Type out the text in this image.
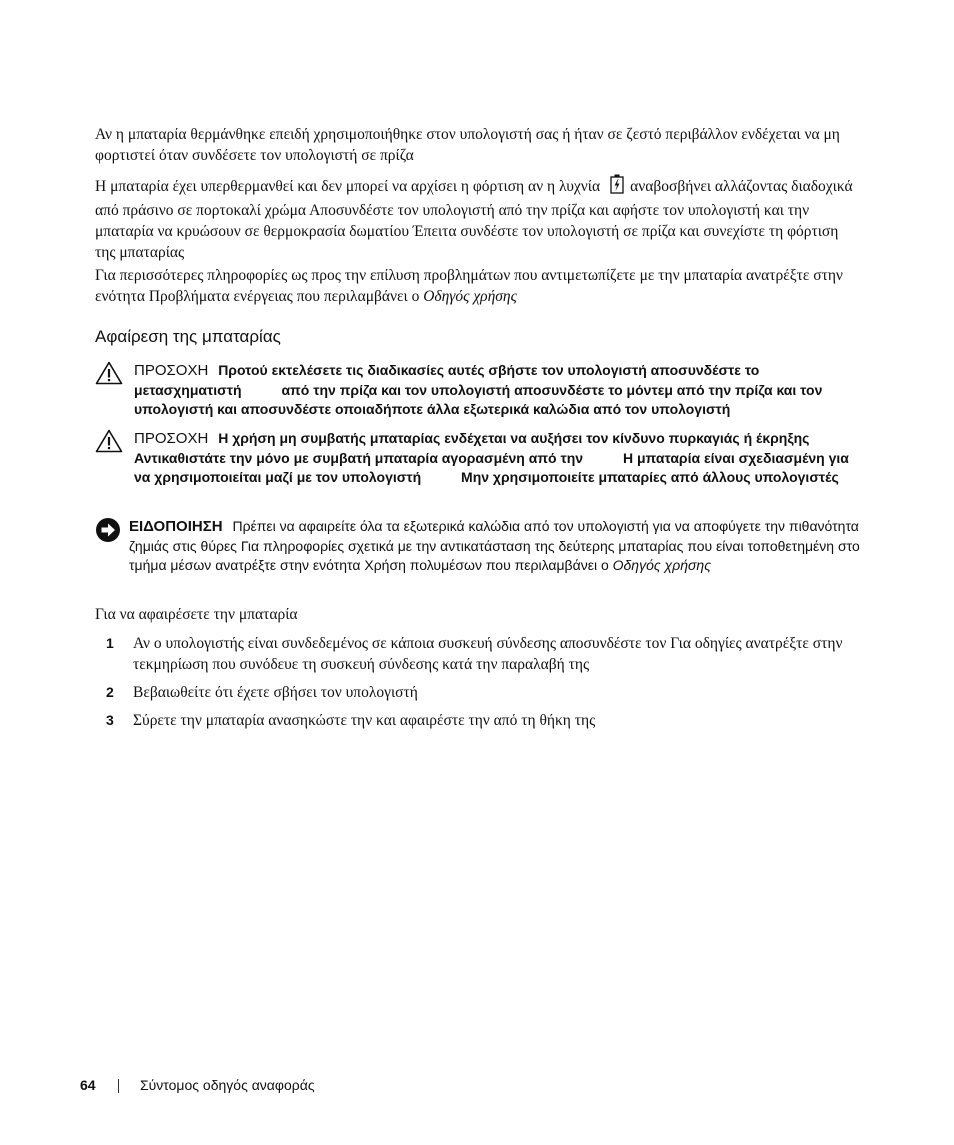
Αν η μπαταρία θερμάνθηκε επειδή χρησιμοποιήθηκε στον υπολογιστή σας ή ήταν σε ζεστό περιβάλλον ενδέχεται να μη φορτιστεί όταν συνδέσετε τον υπολογιστή σε πρίζα
Η μπαταρία έχει υπερθερμανθεί και δεν μπορεί να αρχίσει η φόρτιση αν η λυχνία αναβοσβήνει αλλάζοντας διαδοχικά από πράσινο σε πορτοκαλί χρώμα Αποσυνδέστε τον υπολογιστή από την πρίζα και αφήστε τον υπολογιστή και την μπαταρία να κρυώσουν σε θερμοκρασία δωματίου Έπειτα συνδέστε τον υπολογιστή σε πρίζα και συνεχίστε τη φόρτιση της μπαταρίας
Για περισσότερες πληροφορίες ως προς την επίλυση προβλημάτων που αντιμετωπίζετε με την μπαταρία ανατρέξτε στην ενότητα Προβλήματα ενέργειας που περιλαμβάνει ο Οδηγός χρήσης
Αφαίρεση της μπαταρίας
ΠΡΟΣΟΧΗ Προτού εκτελέσετε τις διαδικασίες αυτές σβήστε τον υπολογιστή αποσυνδέστε το μετασχηματιστή	από την πρίζα και τον υπολογιστή αποσυνδέστε το μόντεμ από την πρίζα και τον υπολογιστή και αποσυνδέστε οποιαδήποτε άλλα εξωτερικά καλώδια από τον υπολογιστή
ΠΡΟΣΟΧΗ Η χρήση μη συμβατής μπαταρίας ενδέχεται να αυξήσει τον κίνδυνο πυρκαγιάς ή έκρηξης Αντικαθιστάτε την μόνο με συμβατή μπαταρία αγορασμένη από την	Η μπαταρία είναι σχεδιασμένη για να χρησιμοποιείται μαζί με τον υπολογιστή	Μην χρησιμοποιείτε μπαταρίες από άλλους υπολογιστές
ΕΙΔΟΠΟΙΗΣΗ Πρέπει να αφαιρείτε όλα τα εξωτερικά καλώδια από τον υπολογιστή για να αποφύγετε την πιθανότητα ζημιάς στις θύρες Για πληροφορίες σχετικά με την αντικατάσταση της δεύτερης μπαταρίας που είναι τοποθετημένη στο τμήμα μέσων ανατρέξτε στην ενότητα Χρήση πολυμέσων που περιλαμβάνει ο Οδηγός χρήσης
Για να αφαιρέσετε την μπαταρία
1 Αν ο υπολογιστής είναι συνδεδεμένος σε κάποια συσκευή σύνδεσης αποσυνδέστε τον Για οδηγίες ανατρέξτε στην τεκμηρίωση που συνόδευε τη συσκευή σύνδεσης κατά την παραλαβή της
2 Βεβαιωθείτε ότι έχετε σβήσει τον υπολογιστή
3 Σύρετε την μπαταρία ανασηκώστε την και αφαιρέστε την από τη θήκη της
64	Σύντομος οδηγός αναφοράς
